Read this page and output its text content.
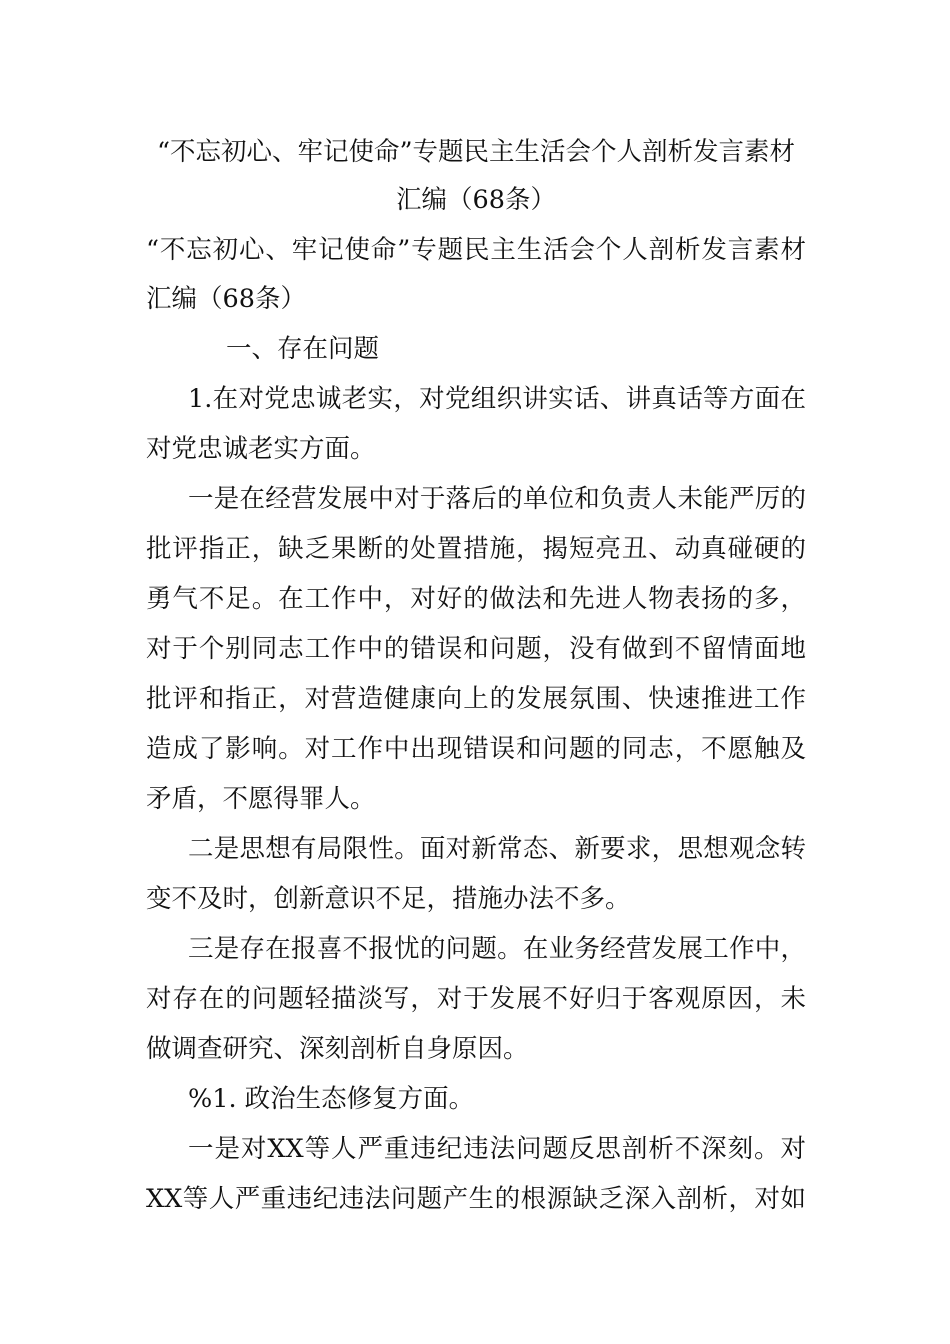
“不忘初心、牢记使命”专题民主生活会个人剖析发言素材
汇编（68条）
“不忘初心、牢记使命”专题民主生活会个人剖析发言素材
汇编（68条）
一、存在问题
1.在对党忠诚老实，对党组织讲实话、讲真话等方面在
对党忠诚老实方面。
一是在经营发展中对于落后的单位和负责人未能严厉的
批评指正，缺乏果断的处置措施，揭短亮丑、动真碰硬的
勇气不足。在工作中，对好的做法和先进人物表扬的多，
对于个别同志工作中的错误和问题，没有做到不留情面地
批评和指正，对营造健康向上的发展氛围、快速推进工作
造成了影响。对工作中出现错误和问题的同志，不愿触及
矛盾，不愿得罪人。
二是思想有局限性。面对新常态、新要求，思想观念转
变不及时，创新意识不足，措施办法不多。
三是存在报喜不报忧的问题。在业务经营发展工作中，
对存在的问题轻描淡写，对于发展不好归于客观原因，未
做调查研究、深刻剖析自身原因。
%1. 政治生态修复方面。
一是对XX等人严重违纪违法问题反思剖析不深刻。对
XX等人严重违纪违法问题产生的根源缺乏深入剖析，对如
